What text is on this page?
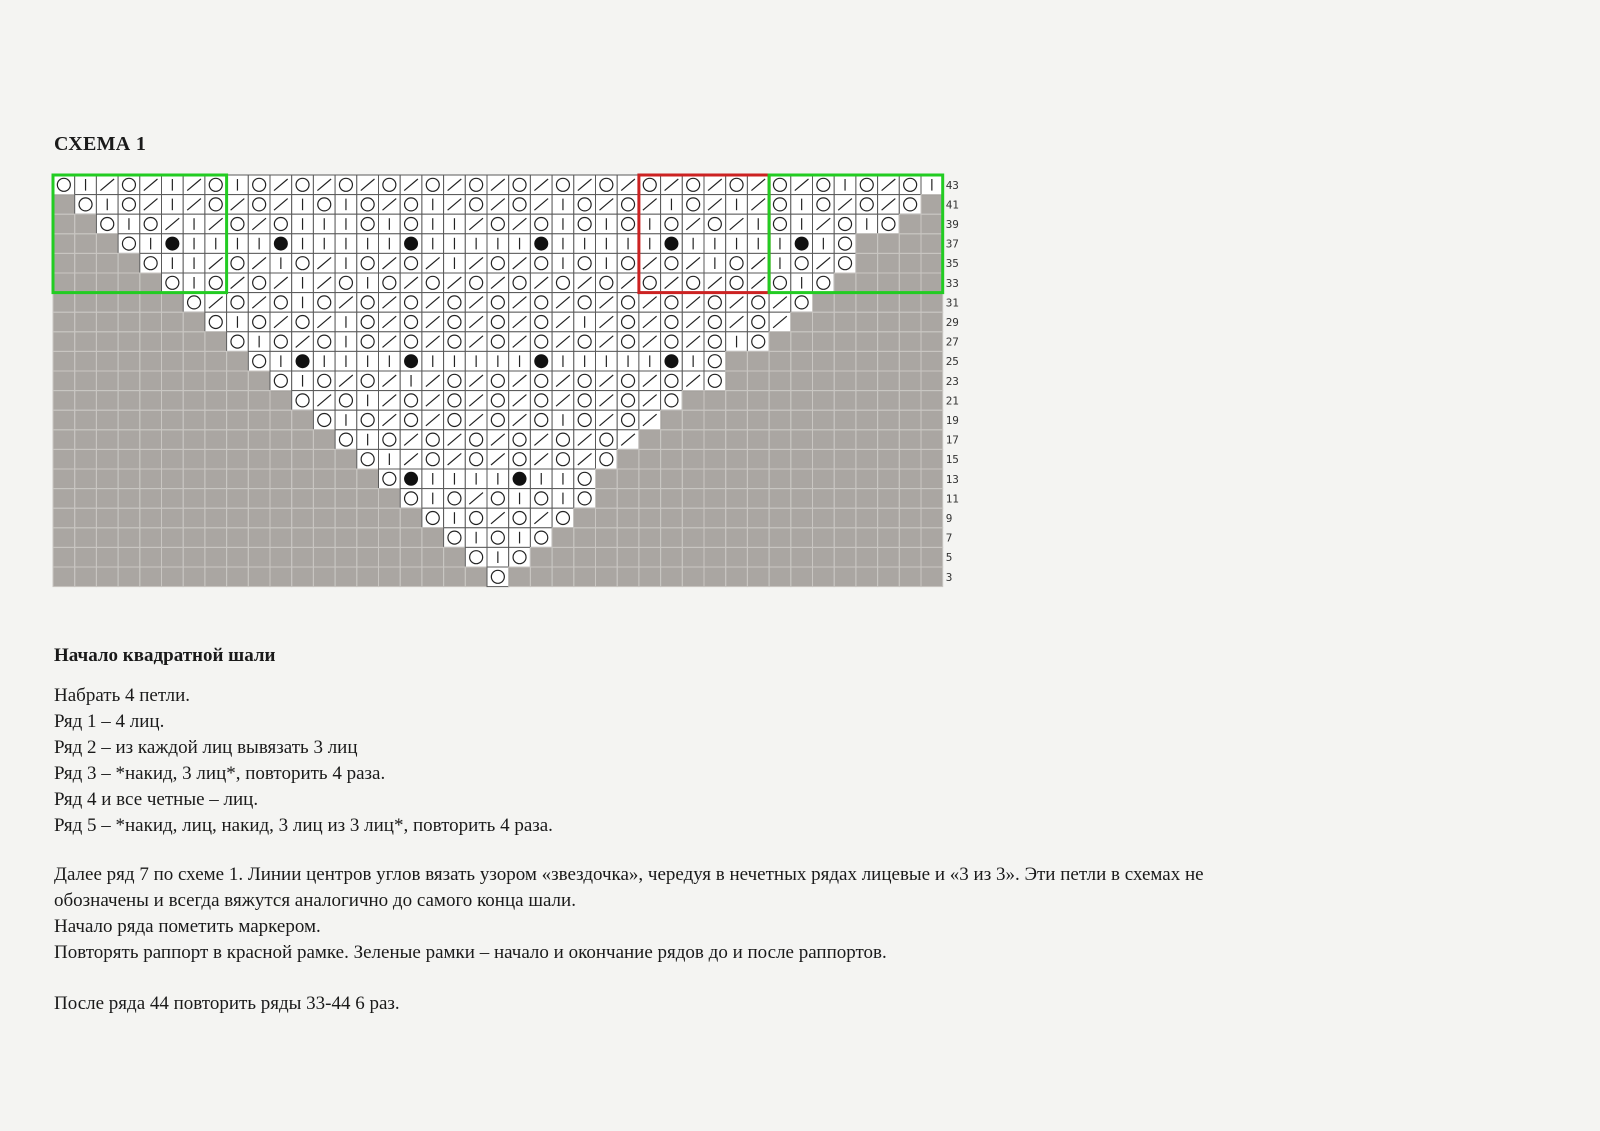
СХЕМА 1
43
41
39
37
35
33
31
29
27
25
23
21
19
17
15
13
11
9
7
5
3
Начало квадратной шали
Набрать 4 петли.
Ряд 1 – 4 лиц.
Ряд 2 – из каждой лиц вывязать 3 лиц
Ряд 3 – *накид, 3 лиц*, повторить 4 раза.
Ряд 4 и все четные – лиц.
Ряд 5 – *накид, лиц, накид, 3 лиц из 3 лиц*, повторить 4 раза.
Далее ряд 7 по схеме 1. Линии центров углов вязать узором «звездочка», чередуя в нечетных рядах лицевые и «3 из 3». Эти петли в схемах не
обозначены и всегда вяжутся аналогично до самого конца шали.
Начало ряда пометить маркером.
Повторять раппорт в красной рамке. Зеленые рамки – начало и окончание рядов до и после раппортов.
После ряда 44 повторить ряды 33-44 6 раз.
